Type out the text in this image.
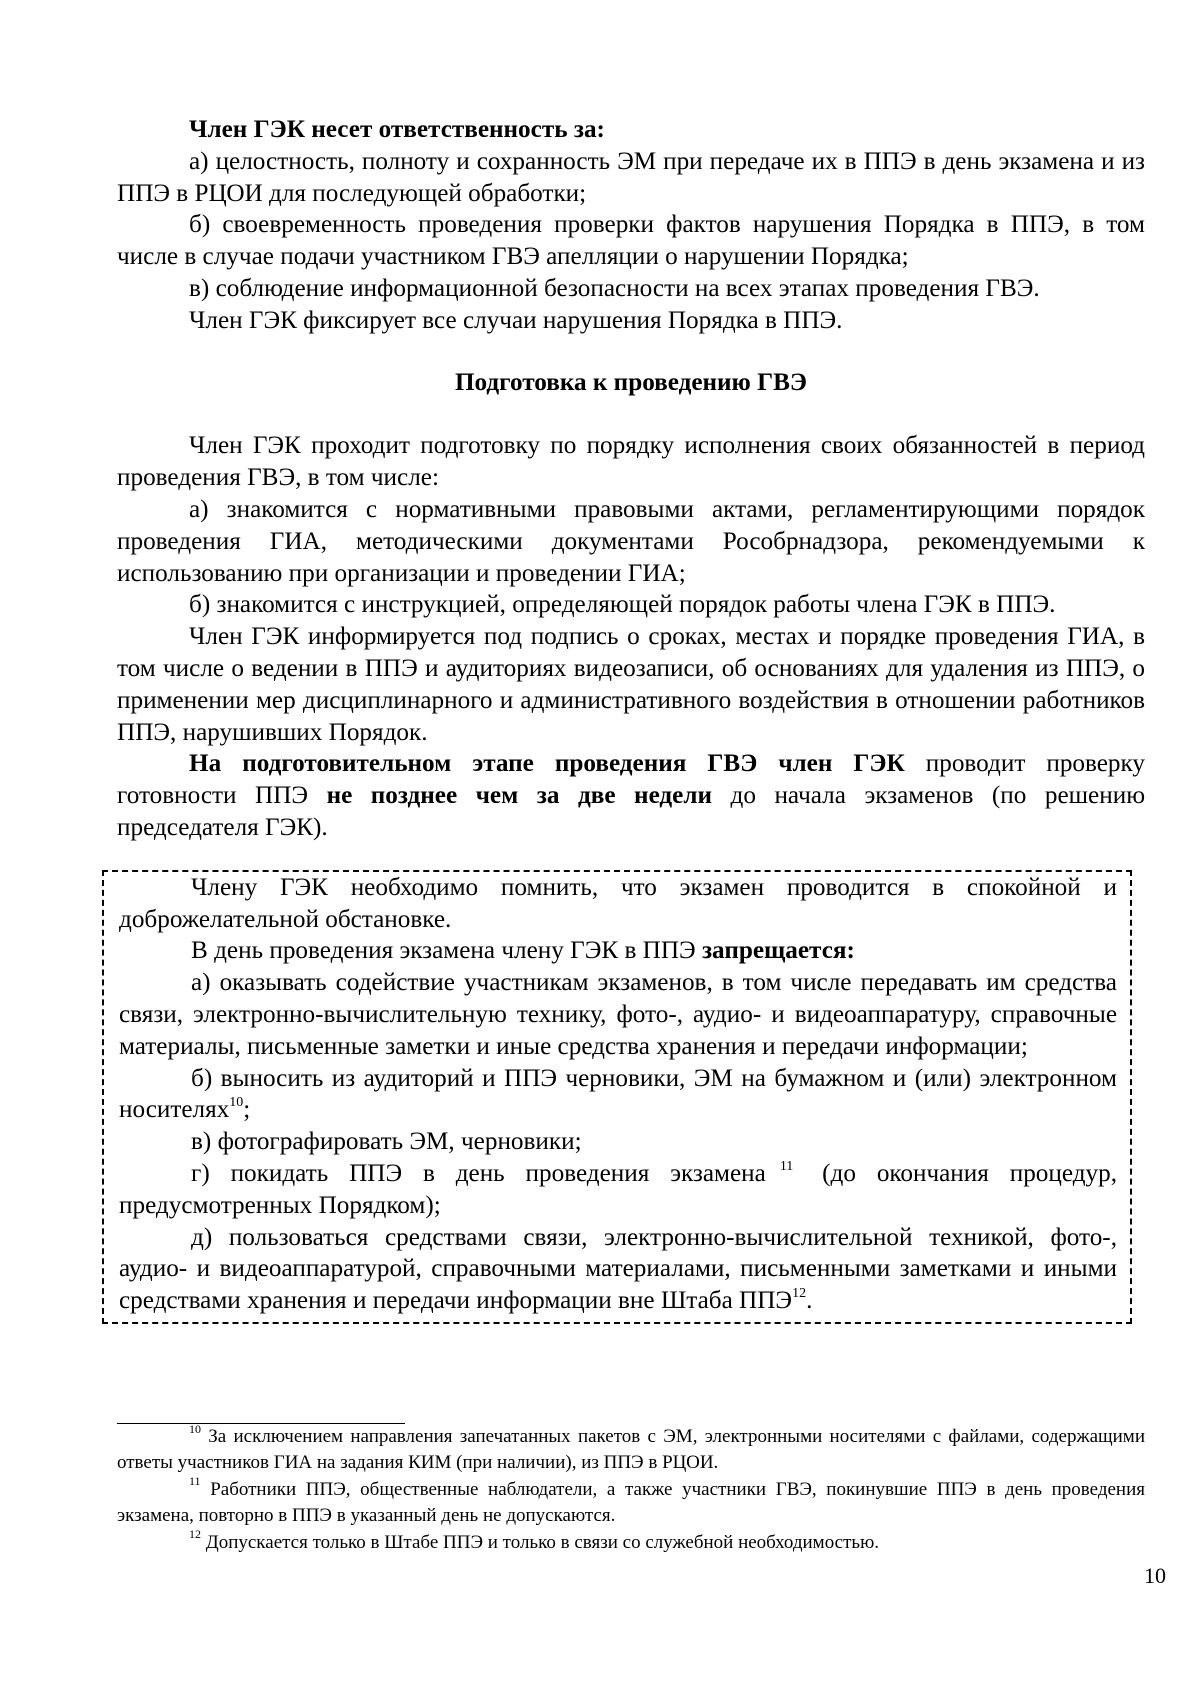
Член ГЭК несет ответственность за:

а) целостность, полноту и сохранность ЭМ при передаче их в ППЭ в день экзамена и из ППЭ в РЦОИ для последующей обработки;

б) своевременность проведения проверки фактов нарушения Порядка в ППЭ, в том числе в случае подачи участником ГВЭ апелляции о нарушении Порядка;

в) соблюдение информационной безопасности на всех этапах проведения ГВЭ.

Член ГЭК фиксирует все случаи нарушения Порядка в ППЭ.

Подготовка к проведению ГВЭ

Член ГЭК проходит подготовку по порядку исполнения своих обязанностей в период проведения ГВЭ, в том числе:

а) знакомится с нормативными правовыми актами, регламентирующими порядок проведения ГИА, методическими документами Рособрнадзора, рекомендуемыми к использованию при организации и проведении ГИА;

б) знакомится с инструкцией, определяющей порядок работы члена ГЭК в ППЭ.

Член ГЭК информируется под подпись о сроках, местах и порядке проведения ГИА, в том числе о ведении в ППЭ и аудиториях видеозаписи, об основаниях для удаления из ППЭ, о применении мер дисциплинарного и административного воздействия в отношении работников ППЭ, нарушивших Порядок.

На подготовительном этапе проведения ГВЭ член ГЭК проводит проверку готовности ППЭ не позднее чем за две недели до начала экзаменов (по решению председателя ГЭК).

Члену ГЭК необходимо помнить, что экзамен проводится в спокойной и доброжелательной обстановке.

В день проведения экзамена члену ГЭК в ППЭ запрещается:

а) оказывать содействие участникам экзаменов, в том числе передавать им средства связи, электронно-вычислительную технику, фото-, аудио- и видеоаппаратуру, справочные материалы, письменные заметки и иные средства хранения и передачи информации;

б) выносить из аудиторий и ППЭ черновики, ЭМ на бумажном и (или) электронном носителях$^{10}$;

в) фотографировать ЭМ, черновики;

г) покидать ППЭ в день проведения экзамена $^{11}$ (до окончания процедур, предусмотренных Порядком);

д) пользоваться средствами связи, электронно-вычислительной техникой, фото-, аудио- и видеоаппаратурой, справочными материалами, письменными заметками и иными средствами хранения и передачи информации вне Штаба ППЭ$^{12}$.

$^{10}$ За исключением направления запечатанных пакетов с ЭМ, электронными носителями с файлами, содержащими ответы участников ГИА на задания КИМ (при наличии), из ППЭ в РЦОИ.

$^{11}$ Работники ППЭ, общественные наблюдатели, а также участники ГВЭ, покинувшие ППЭ в день проведения экзамена, повторно в ППЭ в указанный день не допускаются.

$^{12}$ Допускается только в Штабе ППЭ и только в связи со служебной необходимостью.

10
